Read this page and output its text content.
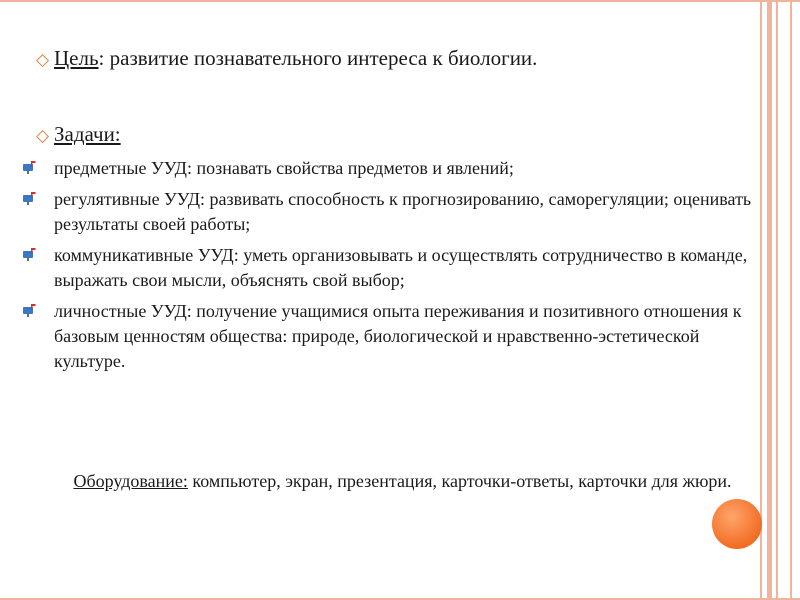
◇ Цель: развитие познавательного интереса к биологии.
◇ Задачи:
предметные УУД: познавать свойства предметов и явлений;
регулятивные УУД: развивать способность к прогнозированию, саморегуляции; оценивать результаты своей работы;
коммуникативные УУД: уметь организовывать и осуществлять сотрудничество в команде, выражать свои мысли, объяснять свой выбор;
личностные УУД: получение учащимися опыта переживания и позитивного отношения к базовым ценностям общества: природе, биологической и нравственно-эстетической культуре.
Оборудование: компьютер, экран, презентация, карточки-ответы, карточки для жюри.
